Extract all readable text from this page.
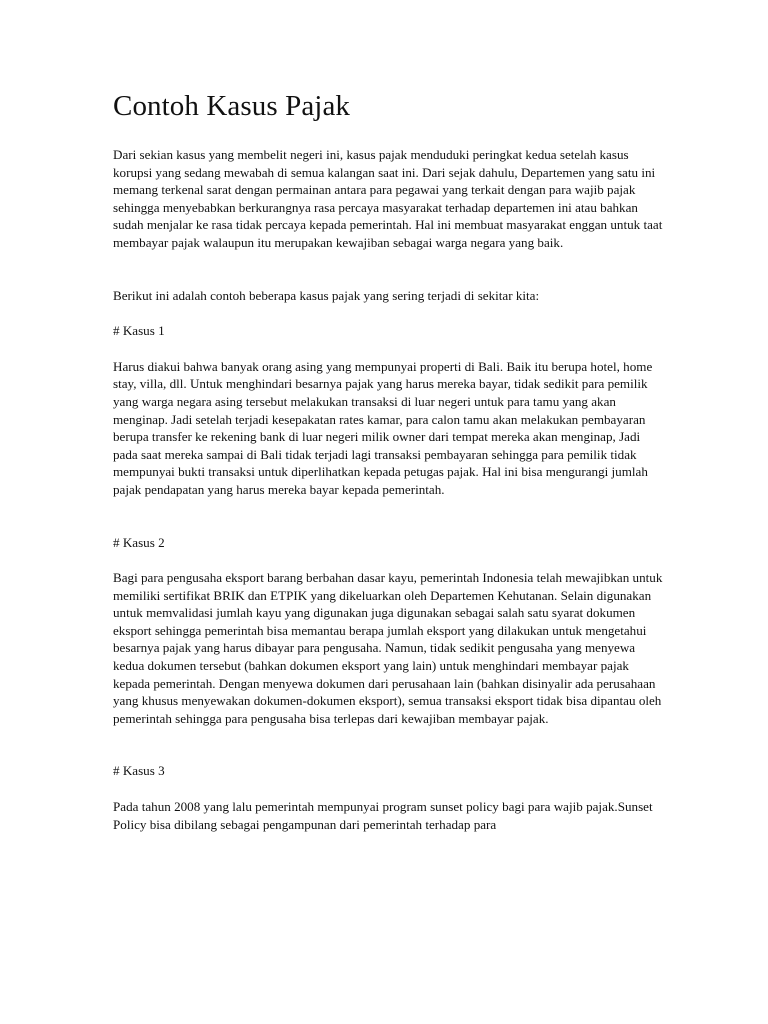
Contoh Kasus Pajak

Dari sekian kasus yang membelit negeri ini, kasus pajak menduduki peringkat kedua setelah kasus korupsi yang sedang mewabah di semua kalangan saat ini. Dari sejak dahulu, Departemen yang satu ini memang terkenal sarat dengan permainan antara para pegawai yang terkait dengan para wajib pajak sehingga menyebabkan berkurangnya rasa percaya masyarakat terhadap departemen ini atau bahkan sudah menjalar ke rasa tidak percaya kepada pemerintah. Hal ini membuat masyarakat enggan untuk taat membayar pajak walaupun itu merupakan kewajiban sebagai warga negara yang baik.

Berikut ini adalah contoh beberapa kasus pajak yang sering terjadi di sekitar kita:

# Kasus 1

Harus diakui bahwa banyak orang asing yang mempunyai properti di Bali. Baik itu berupa hotel, home stay, villa, dll. Untuk menghindari besarnya pajak yang harus mereka bayar, tidak sedikit para pemilik yang warga negara asing tersebut melakukan transaksi di luar negeri untuk para tamu yang akan menginap. Jadi setelah terjadi kesepakatan rates kamar, para calon tamu akan melakukan pembayaran berupa transfer ke rekening bank di luar negeri milik owner dari tempat mereka akan menginap, Jadi pada saat mereka sampai di Bali tidak terjadi lagi transaksi pembayaran sehingga para pemilik tidak mempunyai bukti transaksi untuk diperlihatkan kepada petugas pajak. Hal ini bisa mengurangi jumlah pajak pendapatan yang harus mereka bayar kepada pemerintah.

# Kasus 2

Bagi para pengusaha eksport barang berbahan dasar kayu, pemerintah Indonesia telah mewajibkan untuk memiliki sertifikat BRIK dan ETPIK yang dikeluarkan oleh Departemen Kehutanan. Selain digunakan untuk memvalidasi jumlah kayu yang digunakan juga digunakan sebagai salah satu syarat dokumen eksport sehingga pemerintah bisa memantau berapa jumlah eksport yang dilakukan untuk mengetahui besarnya pajak yang harus dibayar para pengusaha. Namun, tidak sedikit pengusaha yang menyewa kedua dokumen tersebut (bahkan dokumen eksport yang lain) untuk menghindari membayar pajak kepada pemerintah. Dengan menyewa dokumen dari perusahaan lain (bahkan disinyalir ada perusahaan yang khusus menyewakan dokumen-dokumen eksport), semua transaksi eksport tidak bisa dipantau oleh pemerintah sehingga para pengusaha bisa terlepas dari kewajiban membayar pajak.

# Kasus 3

Pada tahun 2008 yang lalu pemerintah mempunyai program sunset policy bagi para wajib pajak.Sunset Policy bisa dibilang sebagai pengampunan dari pemerintah terhadap para
